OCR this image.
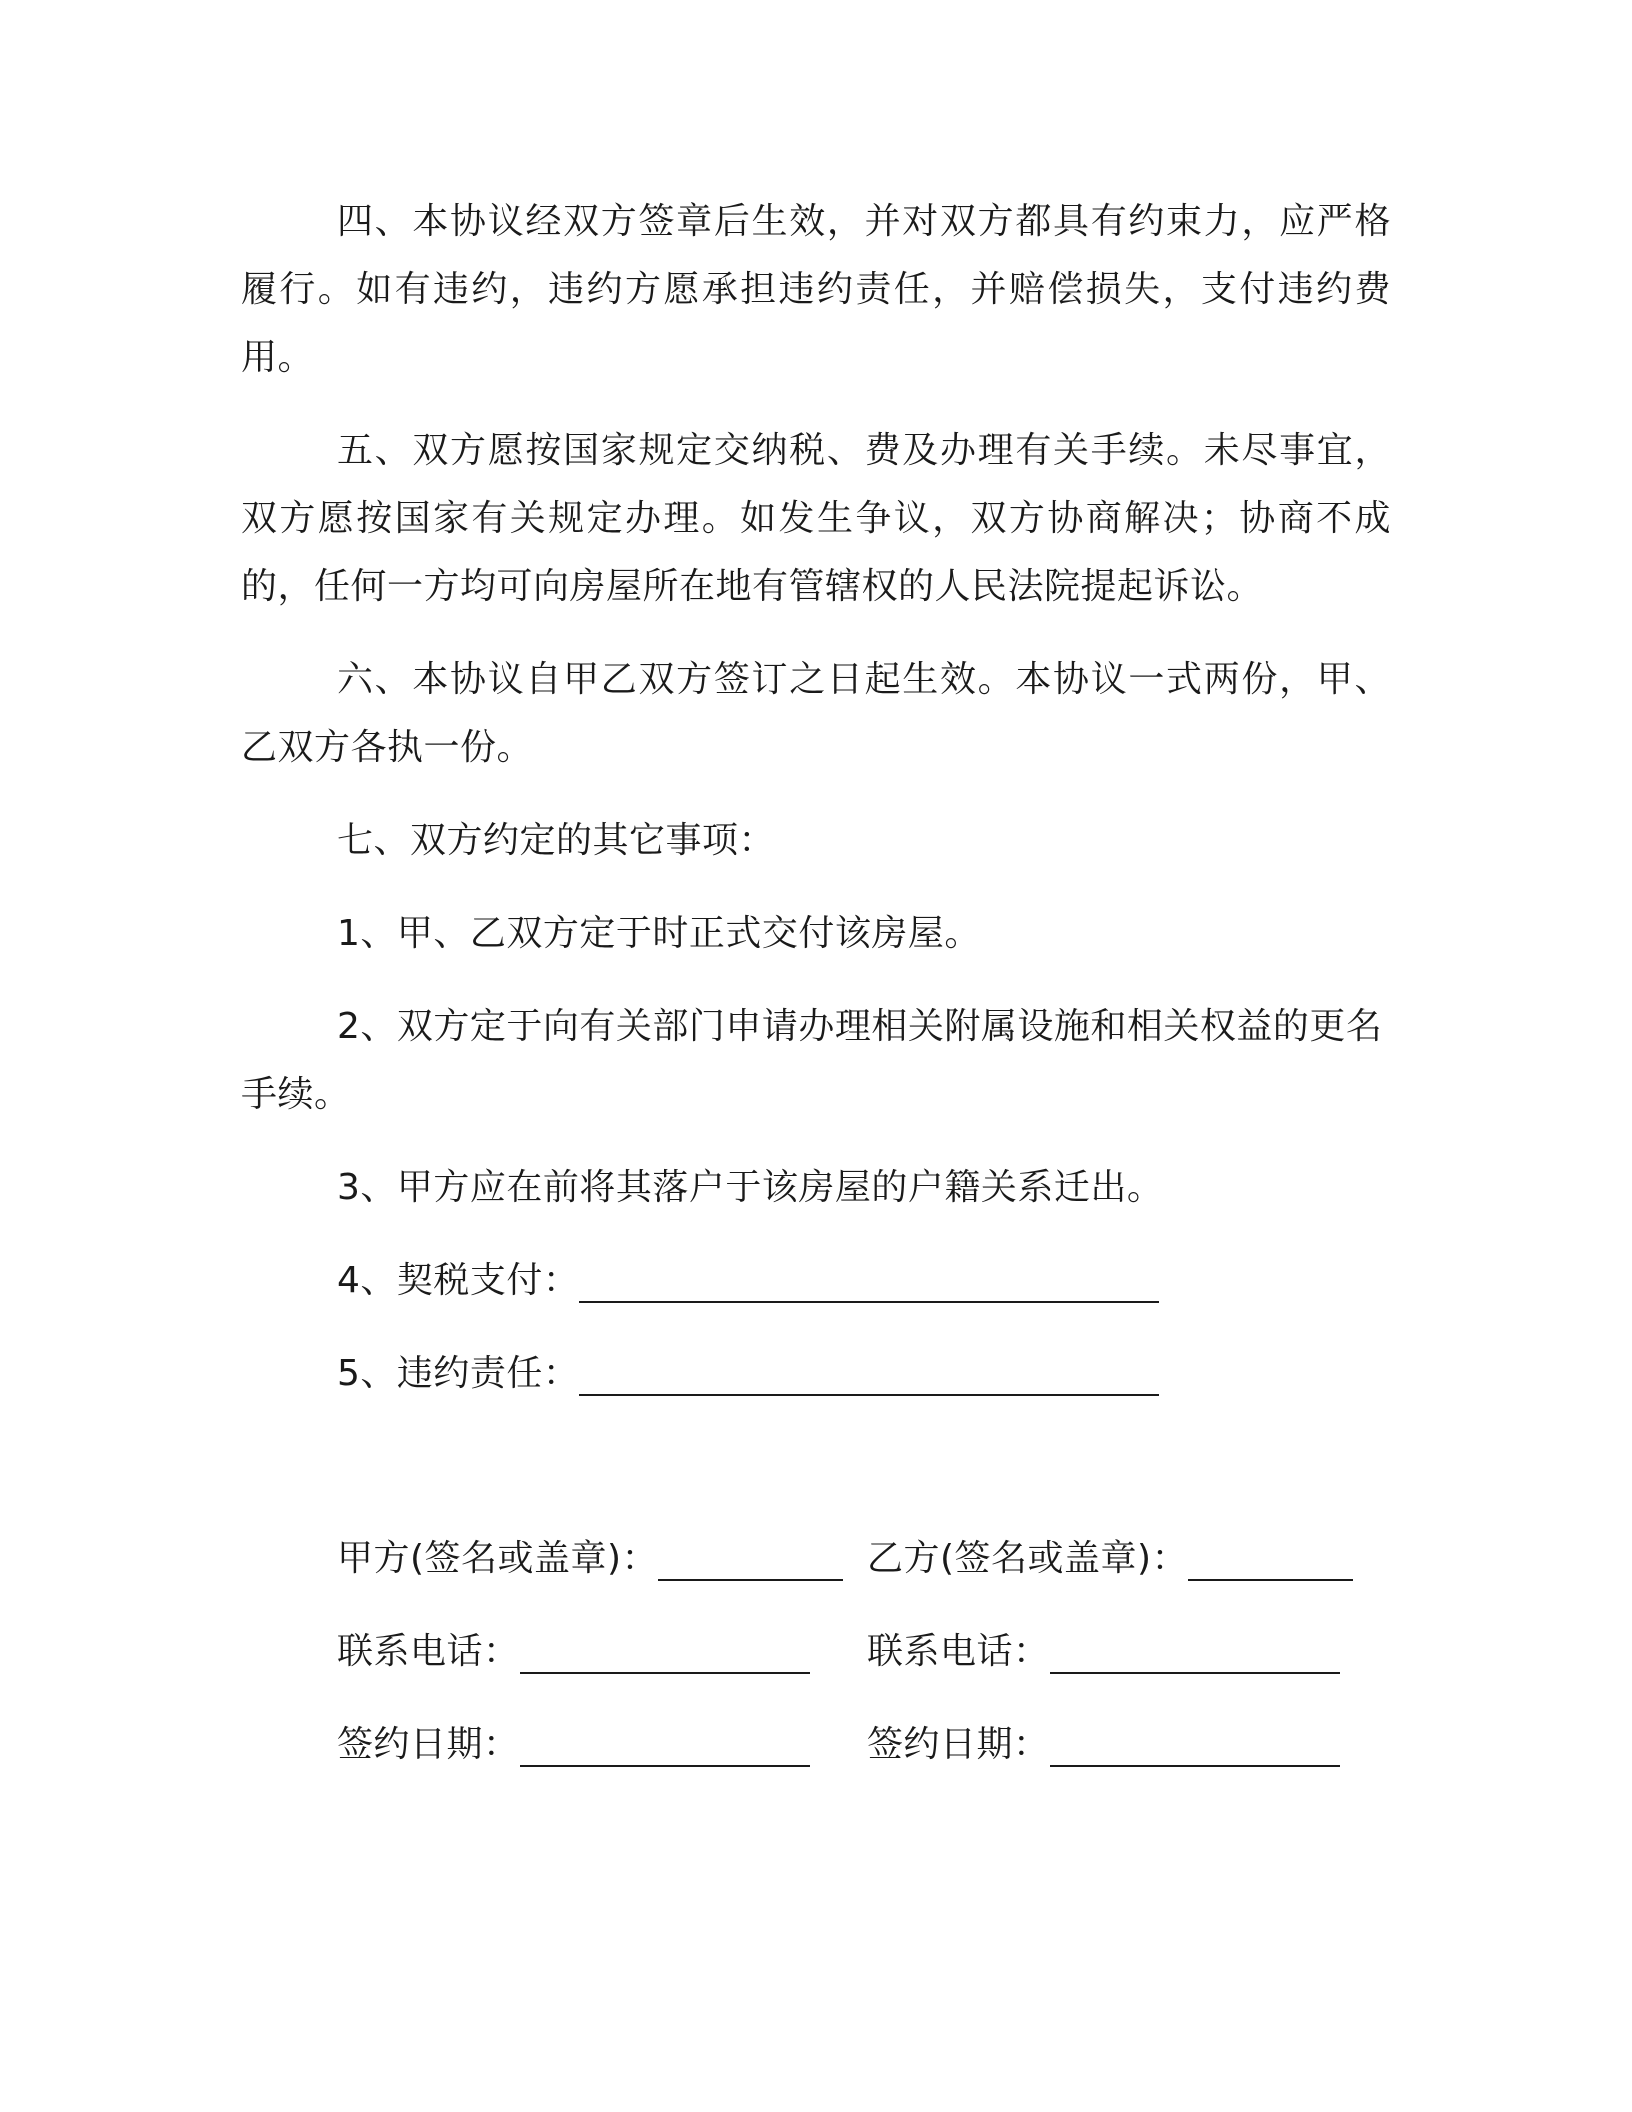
四、本协议经双方签章后生效，并对双方都具有约束力，应严格履行。如有违约，违约方愿承担违约责任，并赔偿损失，支付违约费用。

五、双方愿按国家规定交纳税、费及办理有关手续。未尽事宜，双方愿按国家有关规定办理。如发生争议，双方协商解决；协商不成的，任何一方均可向房屋所在地有管辖权的人民法院提起诉讼。

六、本协议自甲乙双方签订之日起生效。本协议一式两份，甲、乙双方各执一份。

七、双方约定的其它事项：

1、甲、乙双方定于时正式交付该房屋。

2、双方定于向有关部门申请办理相关附属设施和相关权益的更名手续。

3、甲方应在前将其落户于该房屋的户籍关系迁出。

4、契税支付：

5、违约责任：

甲方(签名或盖章)：	乙方(签名或盖章)：
联系电话：	联系电话：
签约日期：	签约日期：
